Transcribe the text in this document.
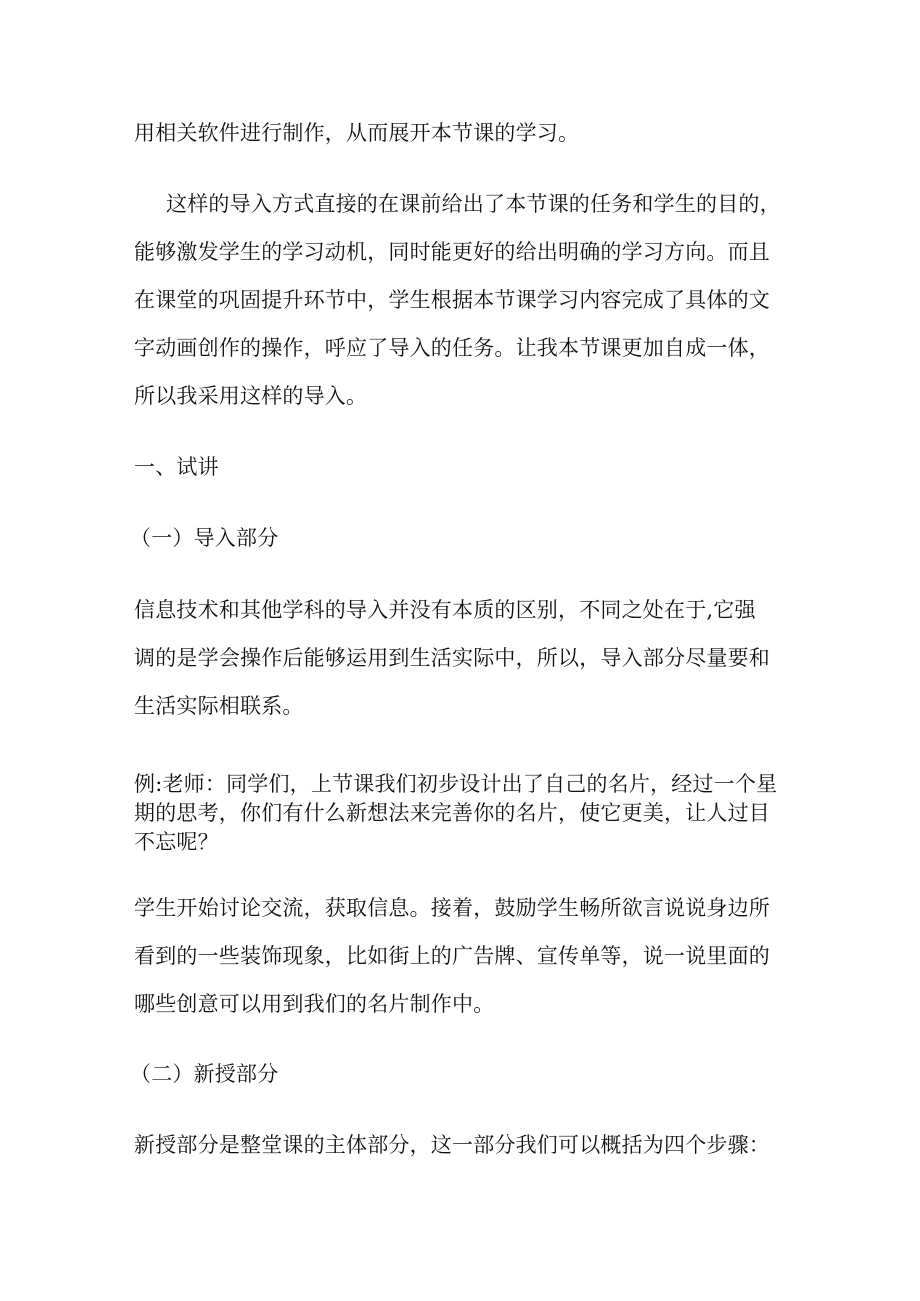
用相关软件进行制作，从而展开本节课的学习。
这样的导入方式直接的在课前给出了本节课的任务和学生的目的，
能够激发学生的学习动机，同时能更好的给出明确的学习方向。而且
在课堂的巩固提升环节中，学生根据本节课学习内容完成了具体的文
字动画创作的操作，呼应了导入的任务。让我本节课更加自成一体，
所以我采用这样的导入。
一、试讲
（一）导入部分
信息技术和其他学科的导入并没有本质的区别，不同之处在于,它强
调的是学会操作后能够运用到生活实际中，所以，导入部分尽量要和
生活实际相联系。
例:老师：同学们，上节课我们初步设计出了自己的名片，经过一个星
期的思考，你们有什么新想法来完善你的名片，使它更美，让人过目
不忘呢？
学生开始讨论交流，获取信息。接着，鼓励学生畅所欲言说说身边所
看到的一些装饰现象，比如街上的广告牌、宣传单等，说一说里面的
哪些创意可以用到我们的名片制作中。
（二）新授部分
新授部分是整堂课的主体部分，这一部分我们可以概括为四个步骤：
